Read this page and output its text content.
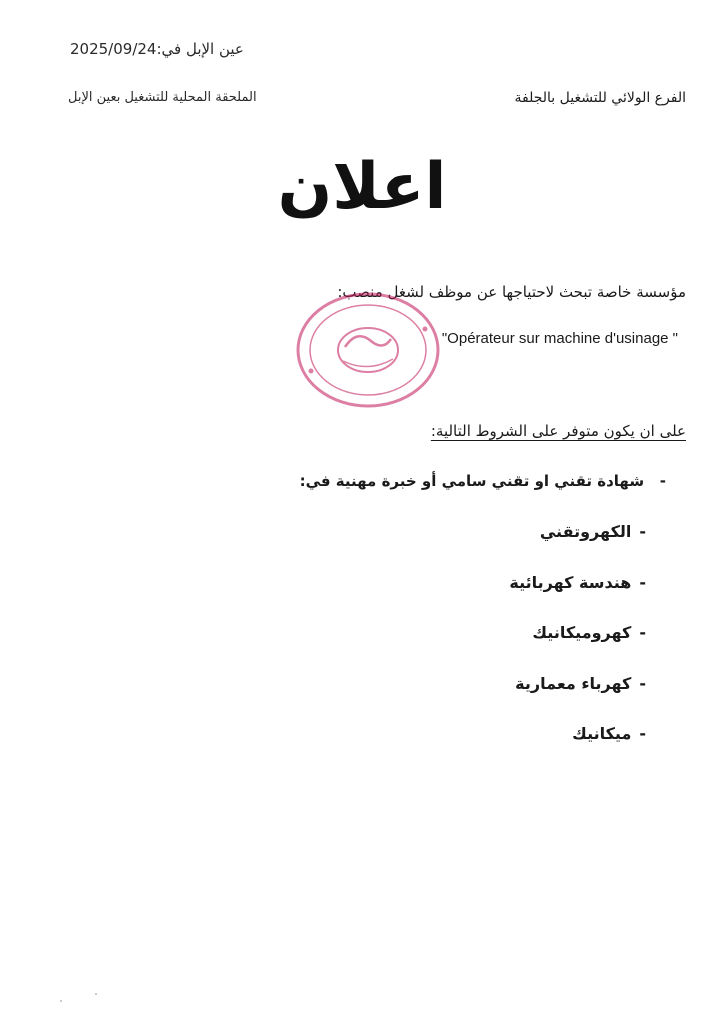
عين الإبل في:2025/09/24
الملحقة المحلية للتشغيل بعين الإبل	الفرع الولائي للتشغيل بالجلفة
اعلان
مؤسسة خاصة تبحث لاحتياجها عن موظف لشغل منصب:
"Opérateur sur machine d'usinage "
على ان يكون متوفر على الشروط التالية:
-   شهادة تقني او تقني سامي أو خبرة مهنية في:
-الكهروتقني
-هندسة كهربائية
-كهروميكانيك
-كهرباء معمارية
-ميكانيك
